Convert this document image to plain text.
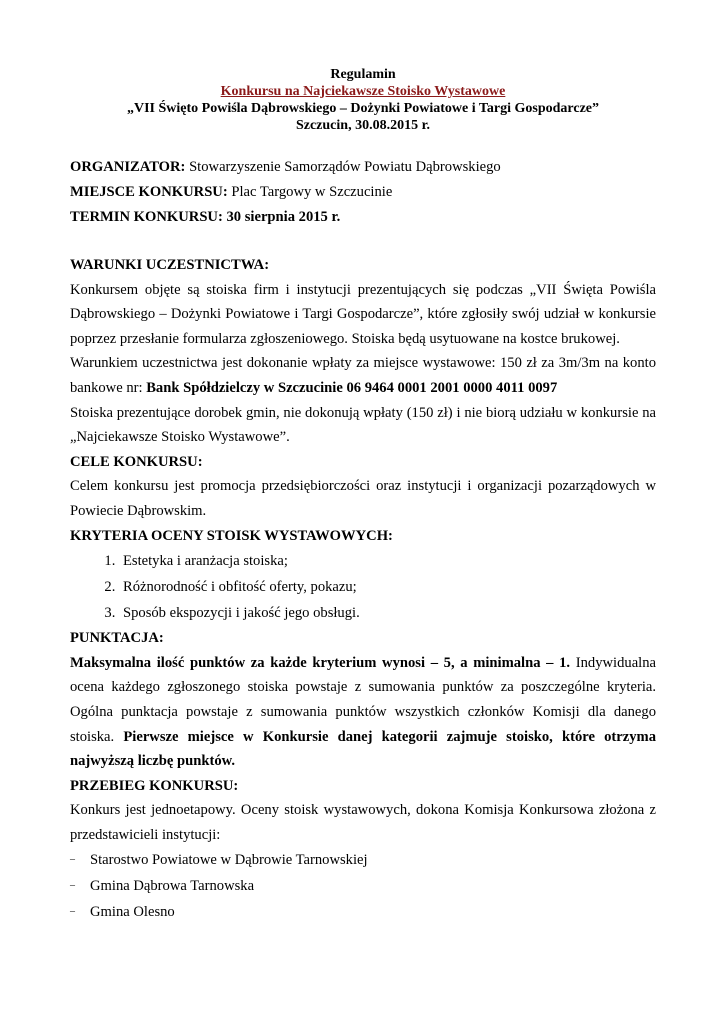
Regulamin
Konkursu na Najciekawsze Stoisko Wystawowe
„VII Święto Powiśla Dąbrowskiego – Dożynki Powiatowe i Targi Gospodarcze”
Szczucin, 30.08.2015 r.
ORGANIZATOR: Stowarzyszenie Samorządów Powiatu Dąbrowskiego
MIEJSCE KONKURSU: Plac Targowy w Szczucinie
TERMIN KONKURSU: 30 sierpnia 2015 r.
WARUNKI UCZESTNICTWA:
Konkursem objęte są stoiska firm i instytucji prezentujących się podczas „VII Święta Powiśla Dąbrowskiego – Dożynki Powiatowe i Targi Gospodarcze”, które zgłosiły swój udział w konkursie poprzez przesłanie formularza zgłoszeniowego. Stoiska będą usytuowane na kostce brukowej.
Warunkiem uczestnictwa jest dokonanie wpłaty za miejsce wystawowe: 150 zł za 3m/3m na konto bankowe nr: Bank Spółdzielczy w Szczucinie 06 9464 0001 2001 0000 4011 0097
Stoiska prezentujące dorobek gmin, nie dokonują wpłaty (150 zł) i nie biorą udziału w konkursie na „Najciekawsze Stoisko Wystawowe”.
CELE KONKURSU:
Celem konkursu jest promocja przedsiębiorczości oraz instytucji i organizacji pozarządowych w Powiecie Dąbrowskim.
KRYTERIA OCENY STOISK WYSTAWOWYCH:
1. Estetyka i aranżacja stoiska;
2. Różnorodność i obfitość oferty, pokazu;
3. Sposób ekspozycji i jakość jego obsługi.
PUNKTACJA:
Maksymalna ilość punktów za każde kryterium wynosi – 5, a minimalna – 1. Indywidualna ocena każdego zgłoszonego stoiska powstaje z sumowania punktów za poszczególne kryteria. Ogólna punktacja powstaje z sumowania punktów wszystkich członków Komisji dla danego stoiska. Pierwsze miejsce w Konkursie danej kategorii zajmuje stoisko, które otrzyma najwyższą liczbę punktów.
PRZEBIEG KONKURSU:
Konkurs jest jednoetapowy. Oceny stoisk wystawowych, dokona Komisja Konkursowa złożona z przedstawicieli instytucji:
– Starostwo Powiatowe w Dąbrowie Tarnowskiej
– Gmina Dąbrowa Tarnowska
– Gmina Olesno
